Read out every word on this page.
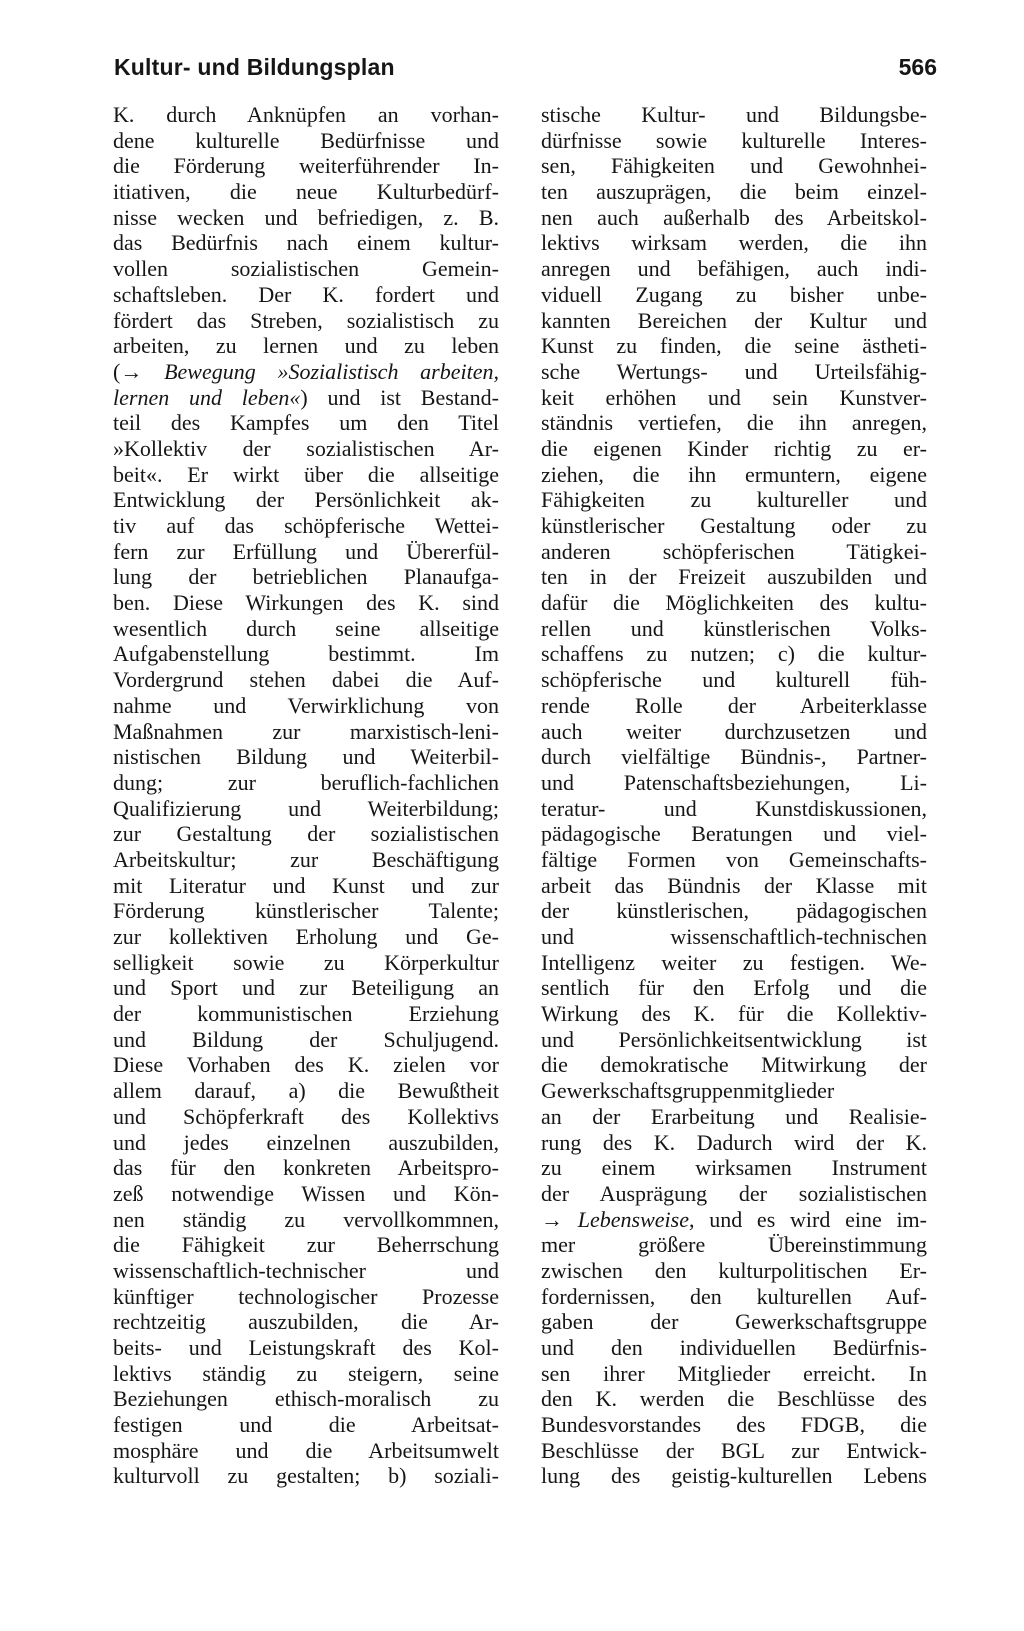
Kultur- und Bildungsplan	566
K. durch Anknüpfen an vorhan-
dene kulturelle Bedürfnisse und
die Förderung weiterführender In-
itiativen, die neue Kulturbedürf-
nisse wecken und befriedigen, z. B.
das Bedürfnis nach einem kultur-
vollen sozialistischen Gemein-
schaftsleben. Der K. fordert und
fördert das Streben, sozialistisch zu
arbeiten, zu lernen und zu leben
(→ Bewegung »Sozialistisch arbeiten,
lernen und leben«) und ist Bestand-
teil des Kampfes um den Titel
»Kollektiv der sozialistischen Ar-
beit«. Er wirkt über die allseitige
Entwicklung der Persönlichkeit ak-
tiv auf das schöpferische Wettei-
fern zur Erfüllung und Übererfül-
lung der betrieblichen Planaufga-
ben. Diese Wirkungen des K. sind
wesentlich durch seine allseitige
Aufgabenstellung bestimmt. Im
Vordergrund stehen dabei die Auf-
nahme und Verwirklichung von
Maßnahmen zur marxistisch-leni-
nistischen Bildung und Weiterbil-
dung; zur beruflich-fachlichen
Qualifizierung und Weiterbildung;
zur Gestaltung der sozialistischen
Arbeitskultur; zur Beschäftigung
mit Literatur und Kunst und zur
Förderung künstlerischer Talente;
zur kollektiven Erholung und Ge-
selligkeit sowie zu Körperkultur
und Sport und zur Beteiligung an
der kommunistischen Erziehung
und Bildung der Schuljugend.
Diese Vorhaben des K. zielen vor
allem darauf, a) die Bewußtheit
und Schöpferkraft des Kollektivs
und jedes einzelnen auszubilden,
das für den konkreten Arbeitspro-
zeß notwendige Wissen und Kön-
nen ständig zu vervollkommnen,
die Fähigkeit zur Beherrschung
wissenschaftlich-technischer und
künftiger technologischer Prozesse
rechtzeitig auszubilden, die Ar-
beits- und Leistungskraft des Kol-
lektivs ständig zu steigern, seine
Beziehungen ethisch-moralisch zu
festigen und die Arbeitsat-
mosphäre und die Arbeitsumwelt
kulturvoll zu gestalten; b) soziali-
stische Kultur- und Bildungsbe-
dürfnisse sowie kulturelle Interes-
sen, Fähigkeiten und Gewohnhei-
ten auszuprägen, die beim einzel-
nen auch außerhalb des Arbeitskol-
lektivs wirksam werden, die ihn
anregen und befähigen, auch indi-
viduell Zugang zu bisher unbe-
kannten Bereichen der Kultur und
Kunst zu finden, die seine ästheti-
sche Wertungs- und Urteilsfähig-
keit erhöhen und sein Kunstver-
ständnis vertiefen, die ihn anregen,
die eigenen Kinder richtig zu er-
ziehen, die ihn ermuntern, eigene
Fähigkeiten zu kultureller und
künstlerischer Gestaltung oder zu
anderen schöpferischen Tätigkei-
ten in der Freizeit auszubilden und
dafür die Möglichkeiten des kultu-
rellen und künstlerischen Volks-
schaffens zu nutzen; c) die kultur-
schöpferische und kulturell füh-
rende Rolle der Arbeiterklasse
auch weiter durchzusetzen und
durch vielfältige Bündnis-, Partner-
und Patenschaftsbeziehungen, Li-
teratur- und Kunstdiskussionen,
pädagogische Beratungen und viel-
fältige Formen von Gemeinschafts-
arbeit das Bündnis der Klasse mit
der künstlerischen, pädagogischen
und wissenschaftlich-technischen
Intelligenz weiter zu festigen. We-
sentlich für den Erfolg und die
Wirkung des K. für die Kollektiv-
und Persönlichkeitsentwicklung ist
die demokratische Mitwirkung der
Gewerkschaftsgruppenmitglieder
an der Erarbeitung und Realisie-
rung des K. Dadurch wird der K.
zu einem wirksamen Instrument
der Ausprägung der sozialistischen
→ Lebensweise, und es wird eine im-
mer größere Übereinstimmung
zwischen den kulturpolitischen Er-
fordernissen, den kulturellen Auf-
gaben der Gewerkschaftsgruppe
und den individuellen Bedürfnis-
sen ihrer Mitglieder erreicht. In
den K. werden die Beschlüsse des
Bundesvorstandes des FDGB, die
Beschlüsse der BGL zur Entwick-
lung des geistig-kulturellen Lebens
